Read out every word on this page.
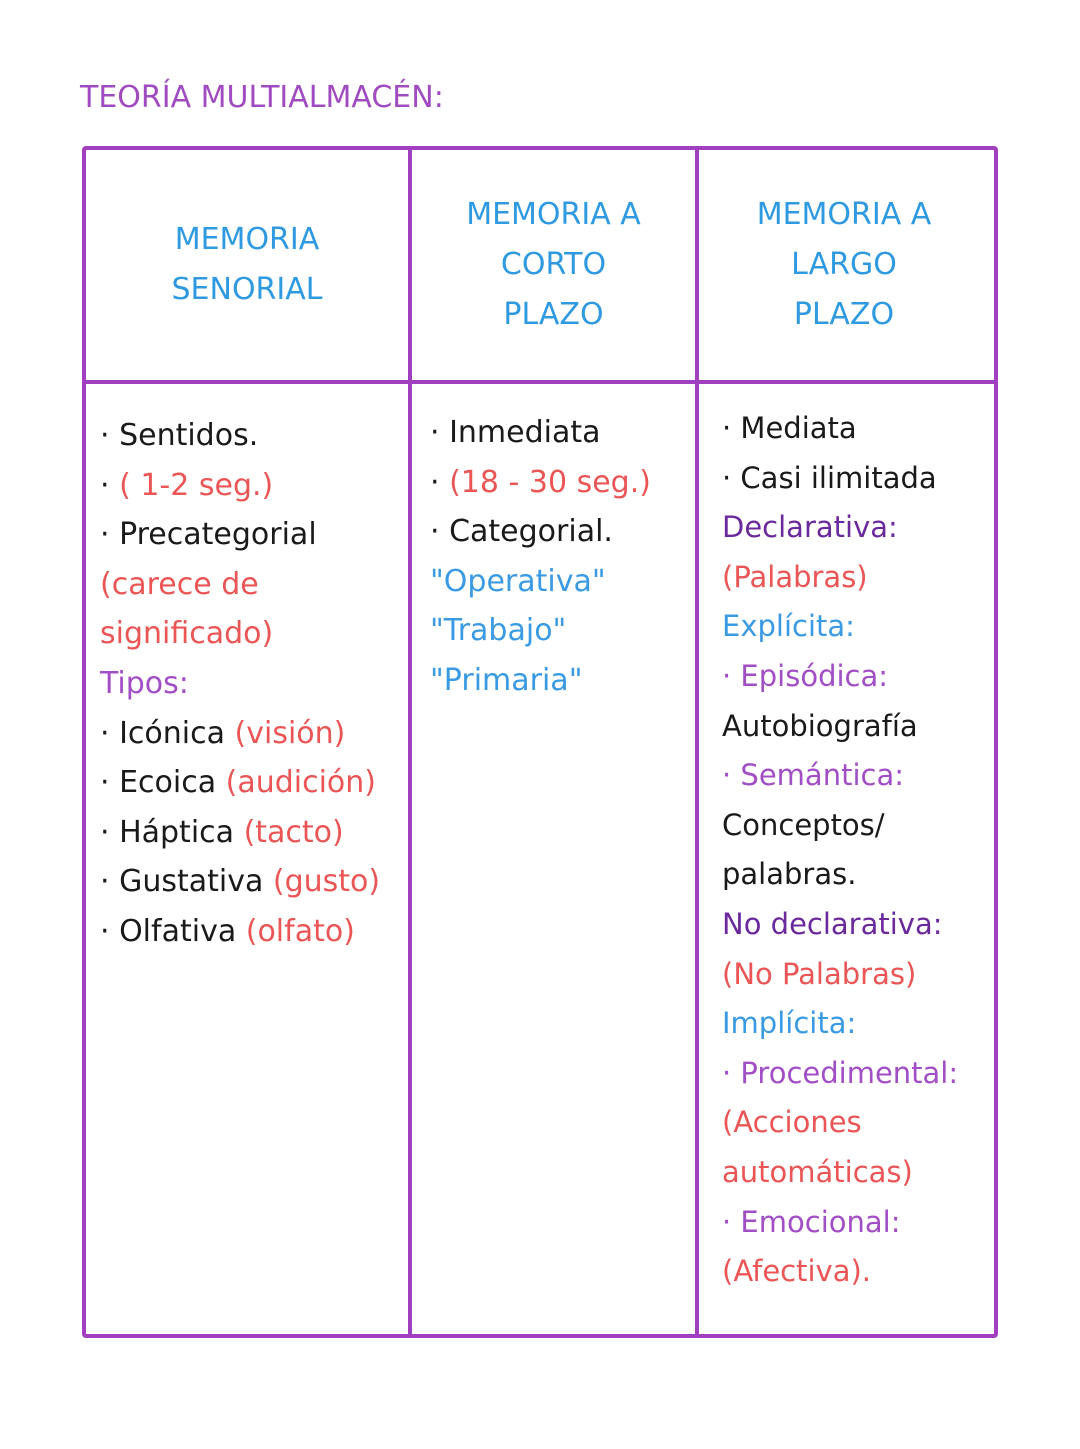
TEORÍA MULTIALMACÉN:
MEMORIA
SENORIAL
MEMORIA A
CORTO
PLAZO
MEMORIA A
LARGO
PLAZO
· Sentidos.
· ( 1-2 seg.)
· Precategorial
(carece de
significado)
Tipos:
· Icónica (visión)
· Ecoica (audición)
· Háptica (tacto)
· Gustativa (gusto)
· Olfativa (olfato)
· Inmediata
· (18 - 30 seg.)
· Categorial.
"Operativa"
"Trabajo"
"Primaria"
· Mediata
· Casi ilimitada
Declarativa:
(Palabras)
Explícita:
· Episódica:
Autobiografía
· Semántica:
Conceptos/
palabras.
No declarativa:
(No Palabras)
Implícita:
· Procedimental:
(Acciones
automáticas)
· Emocional:
(Afectiva).
